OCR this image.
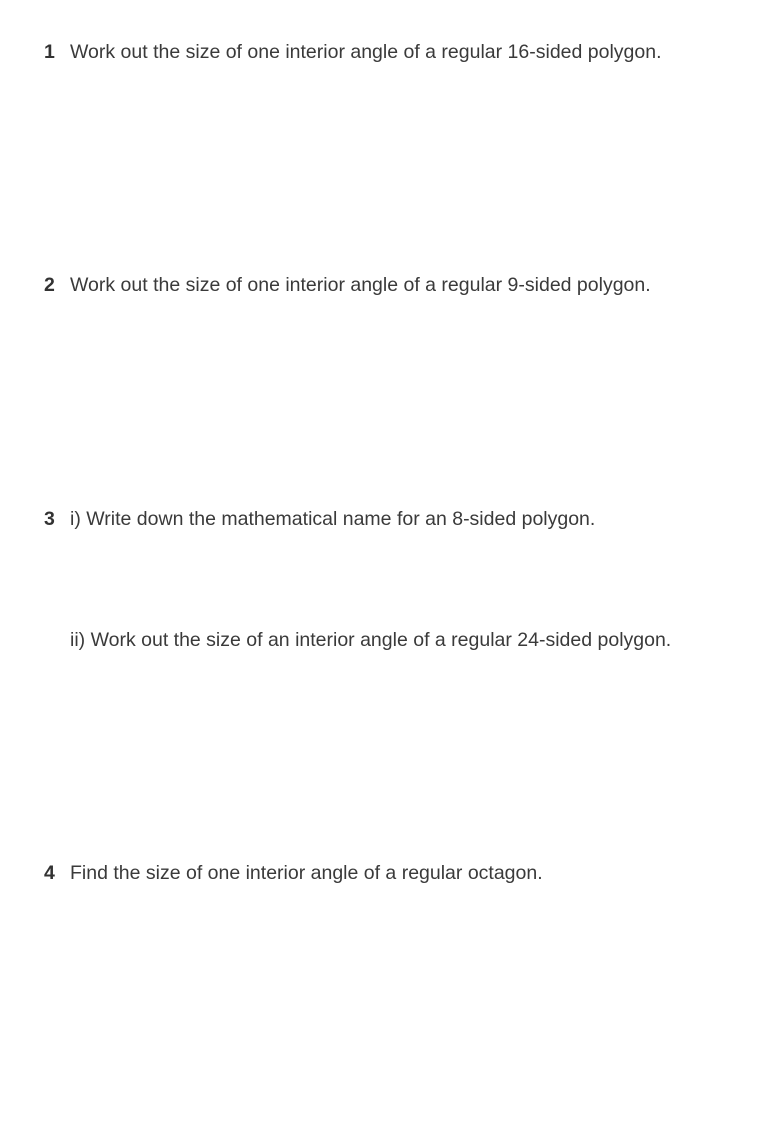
1 Work out the size of one interior angle of a regular 16-sided polygon.
2 Work out the size of one interior angle of a regular 9-sided polygon.
3 i) Write down the mathematical name for an 8-sided polygon.
ii) Work out the size of an interior angle of a regular 24-sided polygon.
4 Find the size of one interior angle of a regular octagon.
